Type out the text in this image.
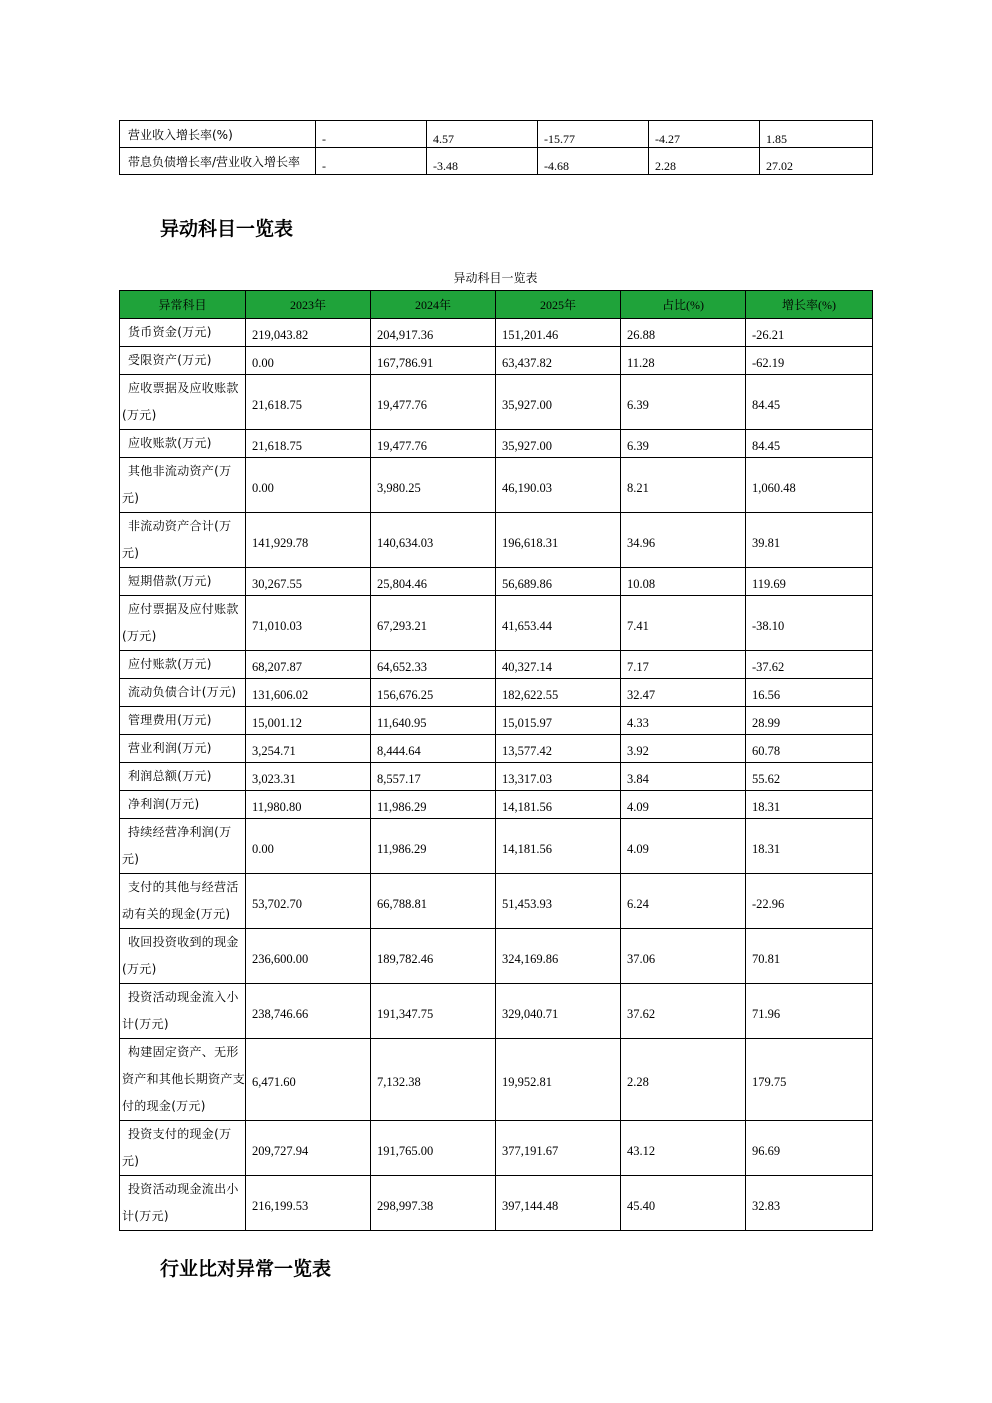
营业收入增长率(%)	-	4.57	-15.77	-4.27	1.85
带息负债增长率/营业收入增长率	-	-3.48	-4.68	2.28	27.02
异动科目一览表
异动科目一览表
异常科目	2023年	2024年	2025年	占比(%)	增长率(%)
货币资金(万元)	219,043.82	204,917.36	151,201.46	26.88	-26.21
受限资产(万元)	0.00	167,786.91	63,437.82	11.28	-62.19
应收票据及应收账款(万元)	21,618.75	19,477.76	35,927.00	6.39	84.45
应收账款(万元)	21,618.75	19,477.76	35,927.00	6.39	84.45
其他非流动资产(万元)	0.00	3,980.25	46,190.03	8.21	1,060.48
非流动资产合计(万元)	141,929.78	140,634.03	196,618.31	34.96	39.81
短期借款(万元)	30,267.55	25,804.46	56,689.86	10.08	119.69
应付票据及应付账款(万元)	71,010.03	67,293.21	41,653.44	7.41	-38.10
应付账款(万元)	68,207.87	64,652.33	40,327.14	7.17	-37.62
流动负债合计(万元)	131,606.02	156,676.25	182,622.55	32.47	16.56
管理费用(万元)	15,001.12	11,640.95	15,015.97	4.33	28.99
营业利润(万元)	3,254.71	8,444.64	13,577.42	3.92	60.78
利润总额(万元)	3,023.31	8,557.17	13,317.03	3.84	55.62
净利润(万元)	11,980.80	11,986.29	14,181.56	4.09	18.31
持续经营净利润(万元)	0.00	11,986.29	14,181.56	4.09	18.31
支付的其他与经营活动有关的现金(万元)	53,702.70	66,788.81	51,453.93	6.24	-22.96
收回投资收到的现金(万元)	236,600.00	189,782.46	324,169.86	37.06	70.81
投资活动现金流入小计(万元)	238,746.66	191,347.75	329,040.71	37.62	71.96
构建固定资产、无形资产和其他长期资产支付的现金(万元)	6,471.60	7,132.38	19,952.81	2.28	179.75
投资支付的现金(万元)	209,727.94	191,765.00	377,191.67	43.12	96.69
投资活动现金流出小计(万元)	216,199.53	298,997.38	397,144.48	45.40	32.83
行业比对异常一览表
